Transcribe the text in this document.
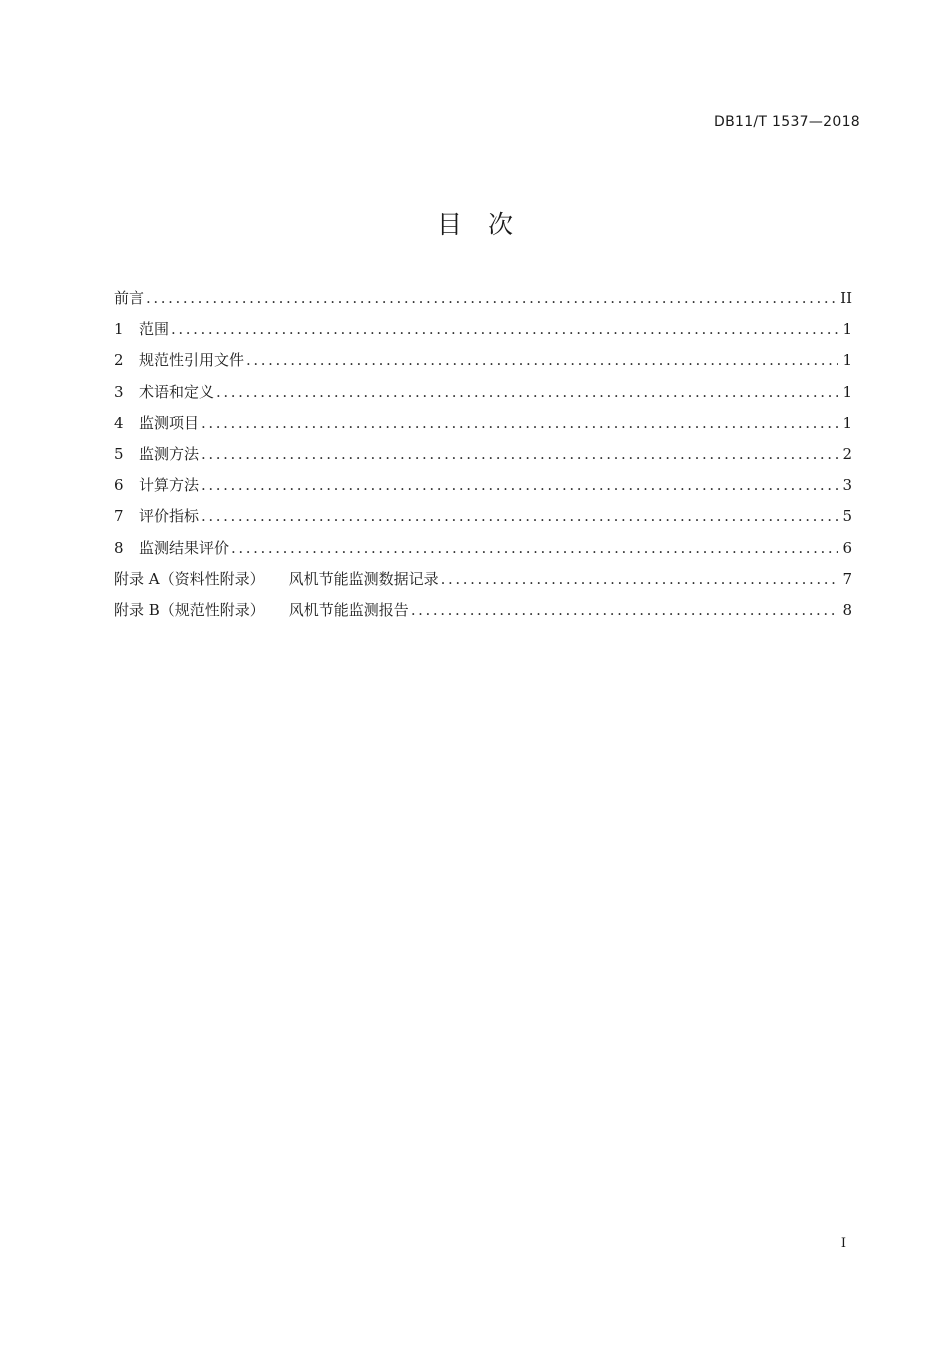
DB11/T 1537—2018
目 次
前言 .....	II
1	范围 .....	1
2	规范性引用文件 .....	1
3	术语和定义 .....	1
4	监测项目 .....	1
5	监测方法 .....	2
6	计算方法 .....	3
7	评价指标 .....	5
8	监测结果评价 .....	6
附录 A（资料性附录） 风机节能监测数据记录 .....	7
附录 B（规范性附录） 风机节能监测报告 .....	8
I
